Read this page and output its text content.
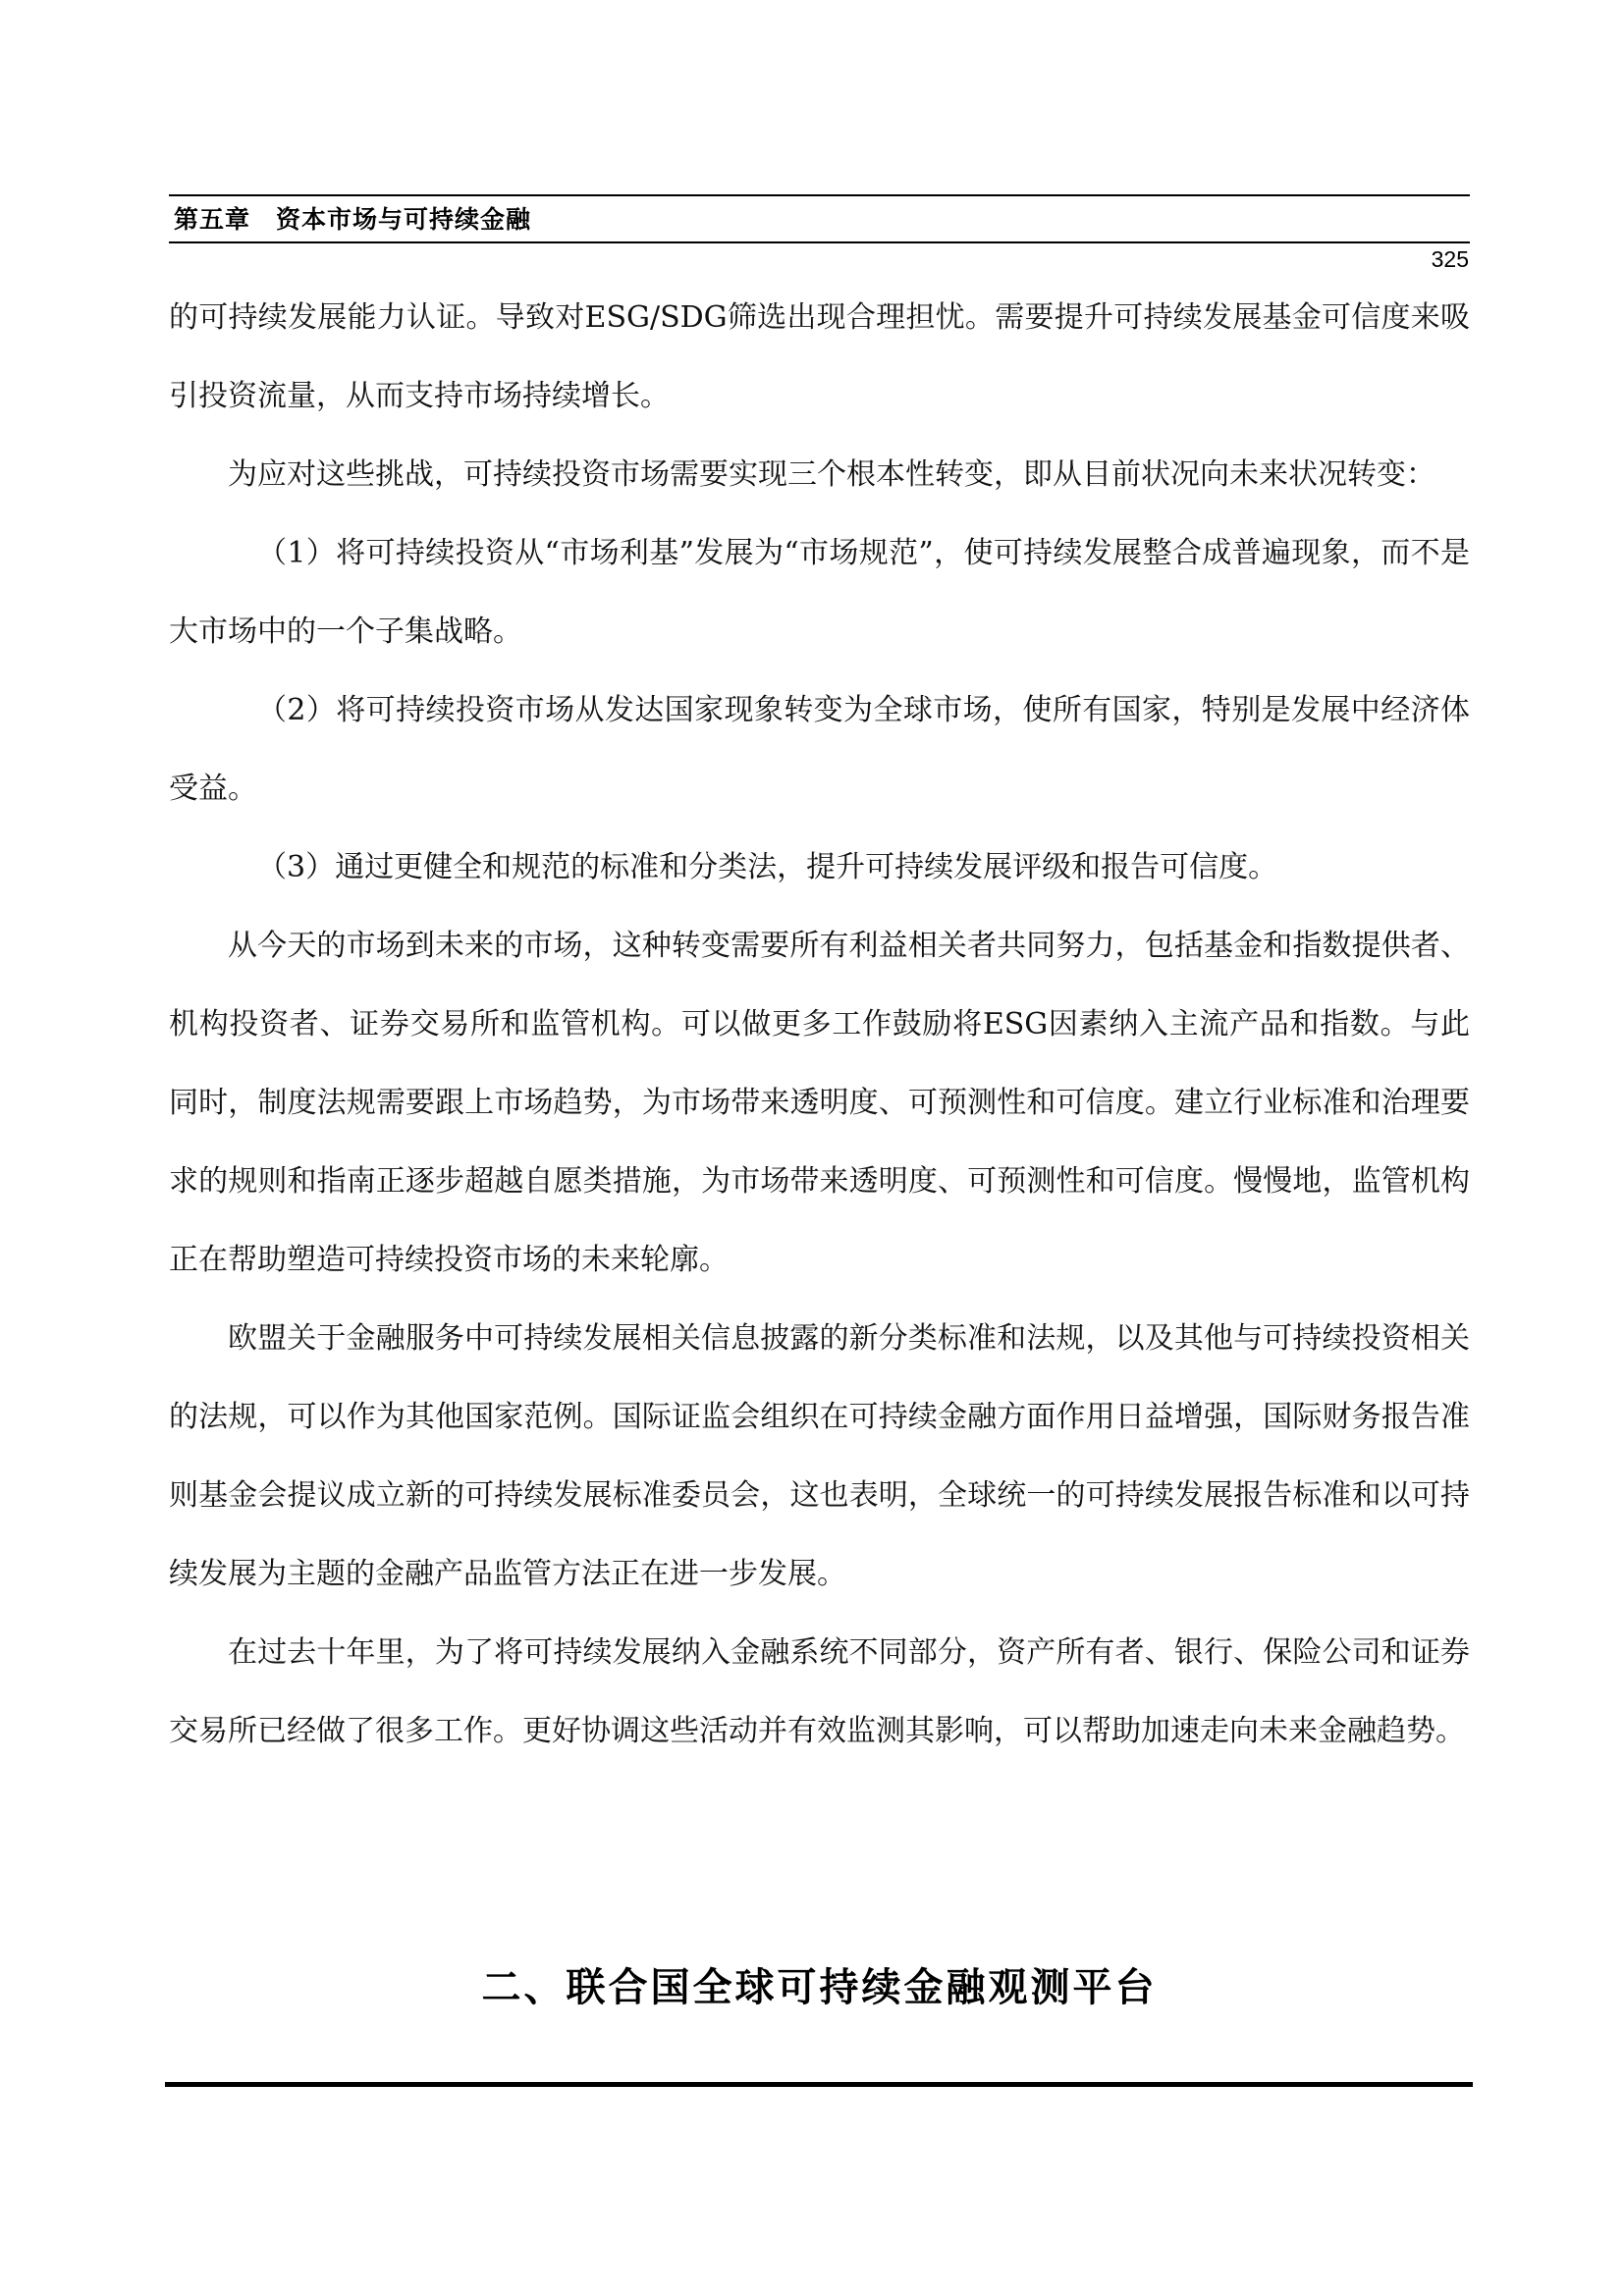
第五章　资本市场与可持续金融
325

的可持续发展能力认证。导致对ESG/SDG筛选出现合理担忧。需要提升可持续发展基金可信度来吸引投资流量，从而支持市场持续增长。

为应对这些挑战，可持续投资市场需要实现三个根本性转变，即从目前状况向未来状况转变：

（1）将可持续投资从“市场利基”发展为“市场规范”，使可持续发展整合成普遍现象，而不是大市场中的一个子集战略。

（2）将可持续投资市场从发达国家现象转变为全球市场，使所有国家，特别是发展中经济体受益。

（3）通过更健全和规范的标准和分类法，提升可持续发展评级和报告可信度。

从今天的市场到未来的市场，这种转变需要所有利益相关者共同努力，包括基金和指数提供者、机构投资者、证券交易所和监管机构。可以做更多工作鼓励将ESG因素纳入主流产品和指数。与此同时，制度法规需要跟上市场趋势，为市场带来透明度、可预测性和可信度。建立行业标准和治理要求的规则和指南正逐步超越自愿类措施，为市场带来透明度、可预测性和可信度。慢慢地，监管机构正在帮助塑造可持续投资市场的未来轮廓。

欧盟关于金融服务中可持续发展相关信息披露的新分类标准和法规，以及其他与可持续投资相关的法规，可以作为其他国家范例。国际证监会组织在可持续金融方面作用日益增强，国际财务报告准则基金会提议成立新的可持续发展标准委员会，这也表明，全球统一的可持续发展报告标准和以可持续发展为主题的金融产品监管方法正在进一步发展。

在过去十年里，为了将可持续发展纳入金融系统不同部分，资产所有者、银行、保险公司和证券交易所已经做了很多工作。更好协调这些活动并有效监测其影响，可以帮助加速走向未来金融趋势。

二、联合国全球可持续金融观测平台
